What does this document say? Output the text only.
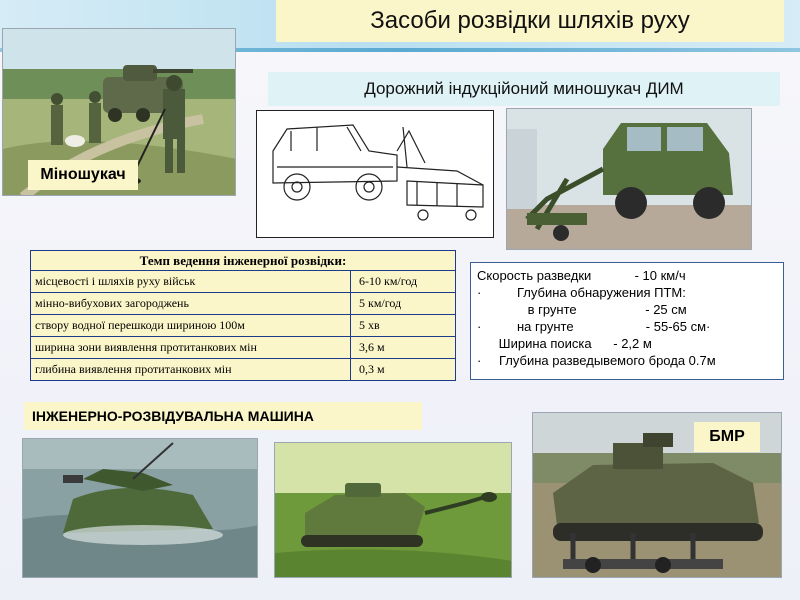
Засоби розвідки шляхів руху
Міношукач
Дорожний індукційоний миношукач ДИМ
Темп ведення інженерної розвідки:	
місцевості і шляхів руху військ	6-10 км/год
мінно-вибухових загороджень	5 км/год
створу водної перешкоди шириною 100м	5 хв
ширина зони виявлення протитанкових мін	3,6 м
глибина виявлення протитанкових мін	0,3 м
Скорость разведки            - 10 км/ч
·	Глубина обнаружения ПТМ:
в грунте                   - 25 см
·	на грунте                    - 55-65 см·
Ширина поиска      - 2,2 м
·	Глубина разведывемого брода 0.7м
ІНЖЕНЕРНО-РОЗВІДУВАЛЬНА МАШИНА
БМР
